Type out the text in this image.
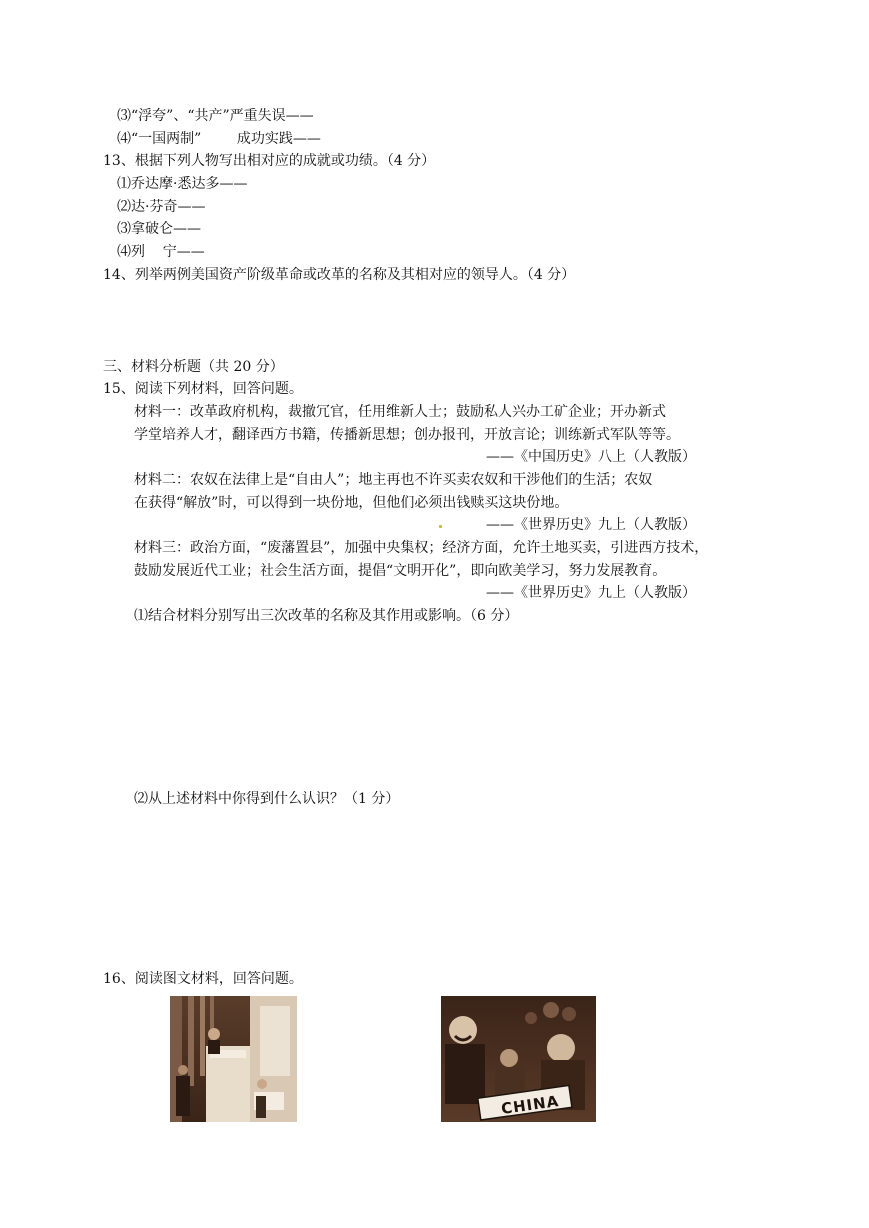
⑶“浮夸”、“共产”严重失误——
⑷“一国两制”        成功实践——
13、根据下列人物写出相对应的成就或功绩。（4 分）
⑴乔达摩·悉达多——
⑵达·芬奇——
⑶拿破仑——
⑷列    宁——
14、列举两例美国资产阶级革命或改革的名称及其相对应的领导人。（4 分）
三、材料分析题（共 20 分）
15、阅读下列材料，回答问题。
材料一：改革政府机构，裁撤冗官，任用维新人士；鼓励私人兴办工矿企业；开办新式
学堂培养人才，翻译西方书籍，传播新思想；创办报刊，开放言论；训练新式军队等等。
——《中国历史》八上（人教版）
材料二：农奴在法律上是“自由人”；地主再也不许买卖农奴和干涉他们的生活；农奴
在获得“解放”时，可以得到一块份地，但他们必须出钱赎买这块份地。
——《世界历史》九上（人教版）
材料三：政治方面，“废藩置县”，加强中央集权；经济方面，允许土地买卖，引进西方技术，
鼓励发展近代工业；社会生活方面，提倡“文明开化”，即向欧美学习，努力发展教育。
——《世界历史》九上（人教版）
⑴结合材料分别写出三次改革的名称及其作用或影响。（6 分）
⑵从上述材料中你得到什么认识？（1 分）
16、阅读图文材料，回答问题。
CHINA
